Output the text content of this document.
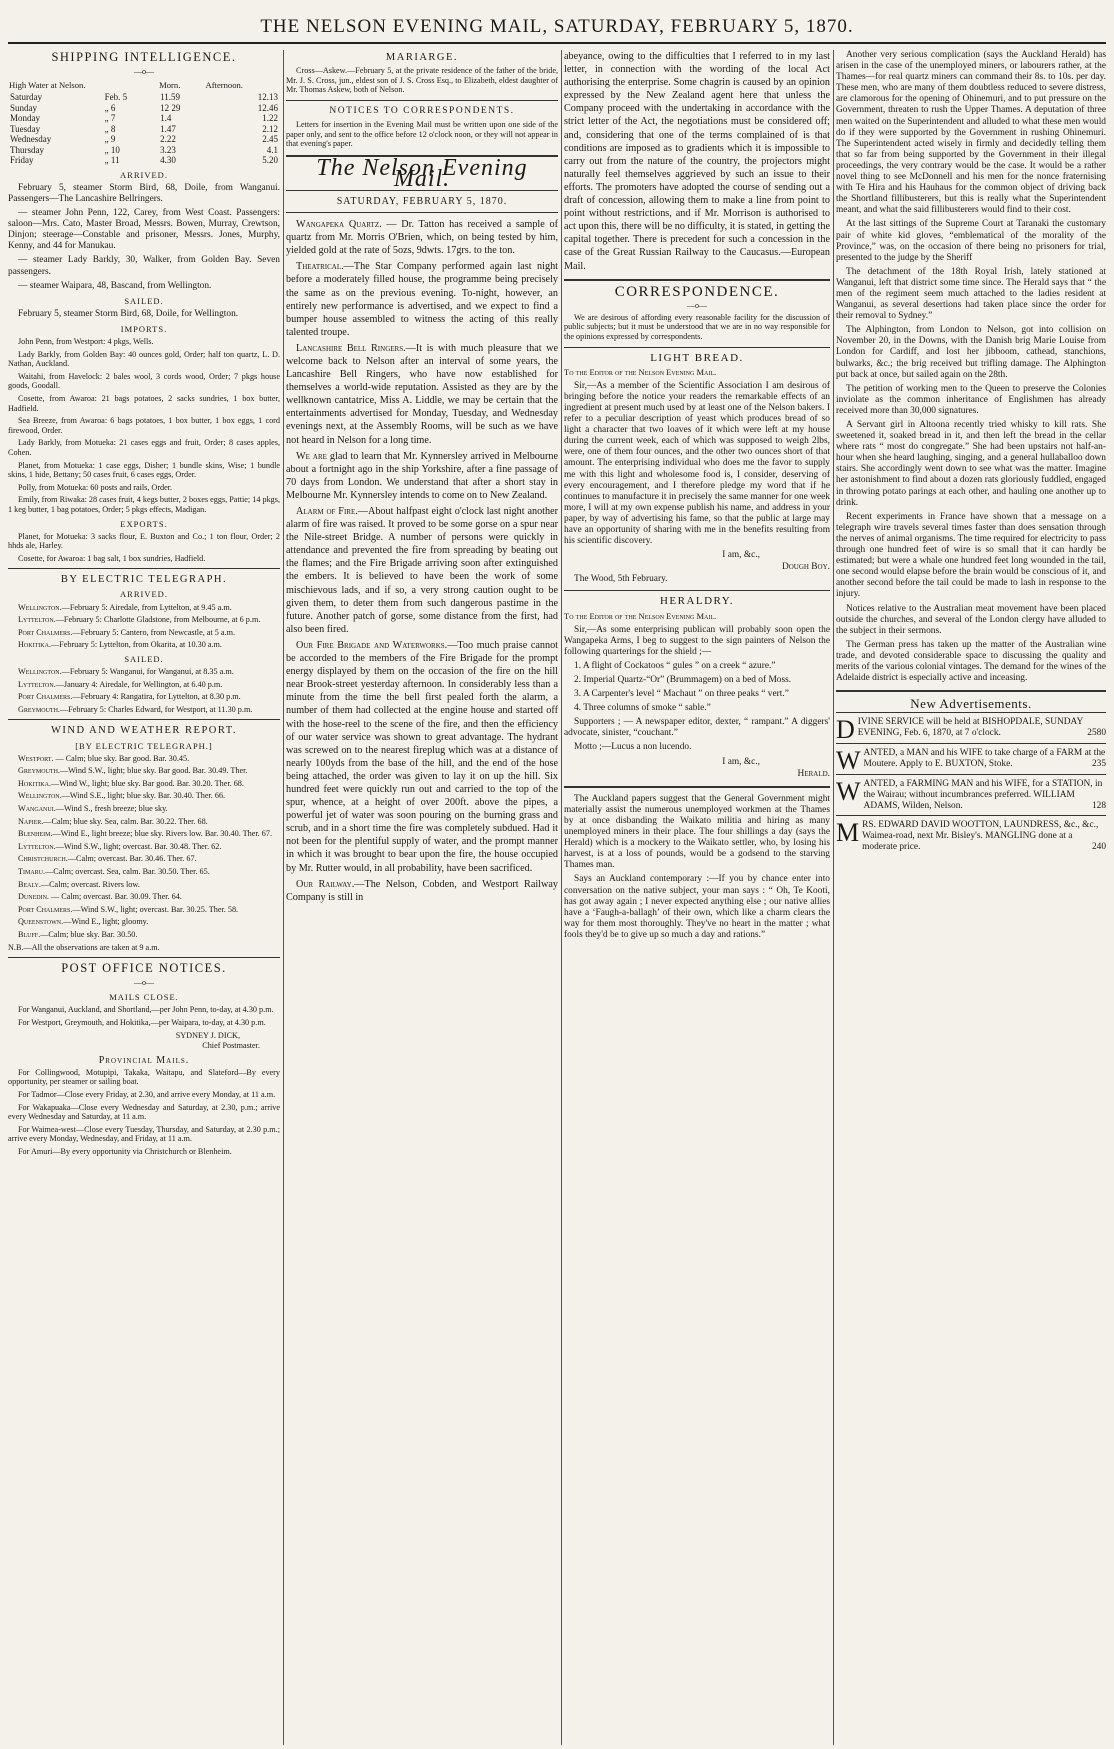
THE NELSON EVENING MAIL, SATURDAY, FEBRUARY 5, 1870.
SHIPPING INTELLIGENCE.
—o—
High Water at Nelson.		Morn.	Afternoon.
Saturday	Feb. 5	11.59	12.13
Sunday	„ 6	12 29	12.46
Monday	„ 7	1.4	1.22
Tuesday	„ 8	1.47	2.12
Wednesday	„ 9	2.22	2.45
Thursday	„ 10	3.23	4.1
Friday	„ 11	4.30	5.20
ARRIVED.

February 5, steamer Storm Bird, 68, Doile, from Wanganui. Passengers—The Lancashire Bellringers.

— steamer John Penn, 122, Carey, from West Coast. Passengers: saloon—Mrs. Cato, Master Broad, Messrs. Bowen, Murray, Crewtson, Dinjon; steerage—Constable and prisoner, Messrs. Jones, Murphy, Kenny, and 44 for Manukau.

— steamer Lady Barkly, 30, Walker, from Golden Bay. Seven passengers.

— steamer Waipara, 48, Bascand, from Wellington.

SAILED.

February 5, steamer Storm Bird, 68, Doile, for Wellington.

IMPORTS.

John Penn, from Westport: 4 pkgs, Wells.

Lady Barkly, from Golden Bay: 40 ounces gold, Order; half ton quartz, L. D. Nathan, Auckland.

Waitahi, from Havelock: 2 bales wool, 3 cords wood, Order; 7 pkgs house goods, Goodall.

Cosette, from Awaroa: 21 bags potatoes, 2 sacks sundries, 1 box butter, Hadfield.

Sea Breeze, from Awaroa: 6 bags potatoes, 1 box butter, 1 box eggs, 1 cord firewood, Order.

Lady Barkly, from Motueka: 21 cases eggs and fruit, Order; 8 cases apples, Cohen.

Planet, from Motueka: 1 case eggs, Disher; 1 bundle skins, Wise; 1 bundle skins, 1 hide, Bettany; 50 cases fruit, 6 cases eggs, Order.

Polly, from Motueka: 60 posts and rails, Order.

Emily, from Riwaka: 28 cases fruit, 4 kegs butter, 2 boxes eggs, Pattie; 14 pkgs, 1 keg butter, 1 bag potatoes, Order; 5 pkgs effects, Madigan.

EXPORTS.

Planet, for Motueka: 3 sacks flour, E. Buxton and Co.; 1 ton flour, Order; 2 hhds ale, Harley.

Cosette, for Awaroa: 1 bag salt, 1 box sundries, Hadfield.

BY ELECTRIC TELEGRAPH.
ARRIVED.

Wellington.—February 5: Airedale, from Lyttelton, at 9.45 a.m.

Lyttelton.—February 5: Charlotte Gladstone, from Melbourne, at 6 p.m.

Port Chalmers.—February 5: Cantero, from Newcastle, at 5 a.m.

Hokitika.—February 5: Lyttelton, from Okarita, at 10.30 a.m.

SAILED.

Wellington.—February 5: Wanganui, for Wanganui, at 8.35 a.m.

Lyttelton.—January 4: Airedale, for Wellington, at 6.40 p.m.

Port Chalmers.—February 4: Rangatira, for Lyttelton, at 8.30 p.m.

Greymouth.—February 5: Charles Edward, for Westport, at 11.30 p.m.

WIND AND WEATHER REPORT.
[BY ELECTRIC TELEGRAPH.]

Westport. — Calm; blue sky. Bar good. Bar. 30.45.

Greymouth.—Wind S.W., light; blue sky. Bar good. Bar. 30.49. Ther.

Hokitika.—Wind W., light; blue sky. Bar good. Bar. 30.20. Ther. 68.

Wellington.—Wind S.E., light; blue sky. Bar. 30.40. Ther. 66.

Wanganui.—Wind S., fresh breeze; blue sky.

Napier.—Calm; blue sky. Sea, calm. Bar. 30.22. Ther. 68.

Blenheim.—Wind E., light breeze; blue sky. Rivers low. Bar. 30.40. Ther. 67.

Lyttelton.—Wind S.W., light; overcast. Bar. 30.48. Ther. 62.

Christchurch.—Calm; overcast. Bar. 30.46. Ther. 67.

Timaru.—Calm; overcast. Sea, calm. Bar. 30.50. Ther. 65.

Bealy.—Calm; overcast. Rivers low.

Dunedin. — Calm; overcast. Bar. 30.09. Ther. 64.

Port Chalmers.—Wind S.W., light; overcast. Bar. 30.25. Ther. 58.

Queenstown.—Wind E., light; gloomy.

Bluff.—Calm; blue sky. Bar. 30.50.

N.B.—All the observations are taken at 9 a.m.

POST OFFICE NOTICES.
—o—
MAILS CLOSE.

For Wanganui, Auckland, and Shortland,—per John Penn, to-day, at 4.30 p.m.

For Westport, Greymouth, and Hokitika,—per Waipara, to-day, at 4.30 p.m.

SYDNEY J. DICK,
Chief Postmaster.
Provincial Mails.

For Collingwood, Motupipi, Takaka, Waitapu, and Slateford—By every opportunity, per steamer or sailing boat.

For Tadmor—Close every Friday, at 2.30, and arrive every Monday, at 11 a.m.

For Wakapuaka—Close every Wednesday and Saturday, at 2.30, p.m.; arrive every Wednesday and Saturday, at 11 a.m.

For Waimea-west—Close every Tuesday, Thursday, and Saturday, at 2.30 p.m.; arrive every Monday, Wednesday, and Friday, at 11 a.m.

For Amuri—By every opportunity via Christchurch or Blenheim.

MARIARGE.

Cross—Askew.—February 5, at the private residence of the father of the bride, Mr. J. S. Cross, jun., eldest son of J. S. Cross Esq., to Elizabeth, eldest daughter of Mr. Thomas Askew, both of Nelson.

NOTICES TO CORRESPONDENTS.

Letters for insertion in the Evening Mail must be written upon one side of the paper only, and sent to the office before 12 o'clock noon, or they will not appear in that evening's paper.

The Nelson Evening Mail.
SATURDAY, FEBRUARY 5, 1870.

Wangapeka Quartz. — Dr. Tatton has received a sample of quartz from Mr. Morris O'Brien, which, on being tested by him, yielded gold at the rate of 5ozs, 9dwts. 17grs. to the ton.

Theatrical.—The Star Company performed again last night before a moderately filled house, the programme being precisely the same as on the previous evening. To-night, however, an entirely new performance is advertised, and we expect to find a bumper house assembled to witness the acting of this really talented troupe.

Lancashire Bell Ringers.—It is with much pleasure that we welcome back to Nelson after an interval of some years, the Lancashire Bell Ringers, who have now established for themselves a world-wide reputation. Assisted as they are by the wellknown cantatrice, Miss A. Liddle, we may be certain that the entertainments advertised for Monday, Tuesday, and Wednesday evenings next, at the Assembly Rooms, will be such as we have not heard in Nelson for a long time.

We are glad to learn that Mr. Kynnersley arrived in Melbourne about a fortnight ago in the ship Yorkshire, after a fine passage of 70 days from London. We understand that after a short stay in Melbourne Mr. Kynnersley intends to come on to New Zealand.

Alarm of Fire.—About halfpast eight o'clock last night another alarm of fire was raised. It proved to be some gorse on a spur near the Nile-street Bridge. A number of persons were quickly in attendance and prevented the fire from spreading by beating out the flames; and the Fire Brigade arriving soon after extinguished the embers. It is believed to have been the work of some mischievous lads, and if so, a very strong caution ought to be given them, to deter them from such dangerous pastime in the future. Another patch of gorse, some distance from the first, had also been fired.

Our Fire Brigade and Waterworks.—Too much praise cannot be accorded to the members of the Fire Brigade for the prompt energy displayed by them on the occasion of the fire on the hill near Brook-street yesterday afternoon. In considerably less than a minute from the time the bell first pealed forth the alarm, a number of them had collected at the engine house and started off with the hose-reel to the scene of the fire, and then the efficiency of our water service was shown to great advantage. The hydrant was screwed on to the nearest fireplug which was at a distance of nearly 100yds from the base of the hill, and the end of the hose being attached, the order was given to lay it on up the hill. Six hundred feet were quickly run out and carried to the top of the spur, whence, at a height of over 200ft. above the pipes, a powerful jet of water was soon pouring on the burning grass and scrub, and in a short time the fire was completely subdued. Had it not been for the plentiful supply of water, and the prompt manner in which it was brought to bear upon the fire, the house occupied by Mr. Rutter would, in all probability, have been sacrificed.

Our Railway.—The Nelson, Cobden, and Westport Railway Company is still in

abeyance, owing to the difficulties that I referred to in my last letter, in connection with the wording of the local Act authorising the enterprise. Some chagrin is caused by an opinion expressed by the New Zealand agent here that unless the Company proceed with the undertaking in accordance with the strict letter of the Act, the negotiations must be considered off; and, considering that one of the terms complained of is that conditions are imposed as to gradients which it is impossible to carry out from the nature of the country, the projectors might naturally feel themselves aggrieved by such an issue to their efforts. The promoters have adopted the course of sending out a draft of concession, allowing them to make a line from point to point without restrictions, and if Mr. Morrison is authorised to act upon this, there will be no difficulty, it is stated, in getting the capital together. There is precedent for such a concession in the case of the Great Russian Railway to the Caucasus.—European Mail.

CORRESPONDENCE.
—o—

We are desirous of affording every reasonable facility for the discussion of public subjects; but it must be understood that we are in no way responsible for the opinions expressed by correspondents.

LIGHT BREAD.

To the Editor of the Nelson Evening Mail.

Sir,—As a member of the Scientific Association I am desirous of bringing before the notice your readers the remarkable effects of an ingredient at present much used by at least one of the Nelson bakers. I refer to a peculiar description of yeast which produces bread of so light a character that two loaves of it which were left at my house during the current week, each of which was supposed to weigh 2lbs, were, one of them four ounces, and the other two ounces short of that amount. The enterprising individual who does me the favor to supply me with this light and wholesome food is, I consider, deserving of every encouragement, and I therefore pledge my word that if he continues to manufacture it in precisely the same manner for one week more, I will at my own expense publish his name, and address in your paper, by way of advertising his fame, so that the public at large may have an opportunity of sharing with me in the benefits resulting from his scientific discovery.

I am, &c.,
Dough Boy.

The Wood, 5th February.

HERALDRY.

To the Editor of the Nelson Evening Mail.

Sir,—As some enterprising publican will probably soon open the Wangapeka Arms, I beg to suggest to the sign painters of Nelson the following quarterings for the shield ;—

1. A flight of Cockatoos “ gules ” on a creek “ azure.”

2. Imperial Quartz-“Or” (Brummagem) on a bed of Moss.

3. A Carpenter's level “ Machaut ” on three peaks “ vert.”

4. Three columns of smoke “ sable.”

Supporters ; — A newspaper editor, dexter, “ rampant.” A diggers' advocate, sinister, “couchant.”

Motto ;—Lucus a non lucendo.

I am, &c.,
Herald.

The Auckland papers suggest that the General Government might materially assist the numerous unemployed workmen at the Thames by at once disbanding the Waikato militia and hiring as many unemployed miners in their place. The four shillings a day (says the Herald) which is a mockery to the Waikato settler, who, by losing his harvest, is at a loss of pounds, would be a godsend to the starving Thames man.

Says an Auckland contemporary :—If you by chance enter into conversation on the native subject, your man says : “ Oh, Te Kooti, has got away again ; I never expected anything else ; our native allies have a ‘Faugh-a-ballagh’ of their own, which like a charm clears the way for them most thoroughly. They've no heart in the matter ; what fools they'd be to give up so much a day and rations.”

Another very serious complication (says the Auckland Herald) has arisen in the case of the unemployed miners, or labourers rather, at the Thames—for real quartz miners can command their 8s. to 10s. per day. These men, who are many of them doubtless reduced to severe distress, are clamorous for the opening of Ohinemuri, and to put pressure on the Government, threaten to rush the Upper Thames. A deputation of three men waited on the Superintendent and alluded to what these men would do if they were supported by the Government in rushing Ohinemuri. The Superintendent acted wisely in firmly and decidedly telling them that so far from being supported by the Government in their illegal proceedings, the very contrary would be the case. It would be a rather novel thing to see McDonnell and his men for the nonce fraternising with Te Hira and his Hauhaus for the common object of driving back the Shortland fillibusterers, but this is really what the Superintendent meant, and what the said fillibusterers would find to their cost.

At the last sittings of the Supreme Court at Taranaki the customary pair of white kid gloves, “emblematical of the morality of the Province,” was, on the occasion of there being no prisoners for trial, presented to the judge by the Sheriff

The detachment of the 18th Royal Irish, lately stationed at Wanganui, left that district some time since. The Herald says that “ the men of the regiment seem much attached to the ladies resident at Wanganui, as several desertions had taken place since the order for their removal to Sydney.”

The Alphington, from London to Nelson, got into collision on November 20, in the Downs, with the Danish brig Marie Louise from London for Cardiff, and lost her jibboom, cathead, stanchions, bulwarks, &c.; the brig received but trifling damage. The Alphington put back at once, but sailed again on the 28th.

The petition of working men to the Queen to preserve the Colonies inviolate as the common inheritance of Englishmen has already received more than 30,000 signatures.

A Servant girl in Altoona recently tried whisky to kill rats. She sweetened it, soaked bread in it, and then left the bread in the cellar where rats “ most do congregate.” She had been upstairs not half-an-hour when she heard laughing, singing, and a general hullaballoo down stairs. She accordingly went down to see what was the matter. Imagine her astonishment to find about a dozen rats gloriously fuddled, engaged in throwing potato parings at each other, and hauling one another up to drink.

Recent experiments in France have shown that a message on a telegraph wire travels several times faster than does sensation through the nerves of animal organisms. The time required for electricity to pass through one hundred feet of wire is so small that it can hardly be estimated; but were a whale one hundred feet long wounded in the tail, one second would elapse before the brain would be conscious of it, and another second before the tail could be made to lash in response to the injury.

Notices relative to the Australian meat movement have been placed outside the churches, and several of the London clergy have alluded to the subject in their sermons.

The German press has taken up the matter of the Australian wine trade, and devoted considerable space to discussing the quality and merits of the various colonial vintages. The demand for the wines of the Adelaide district is especially active and inceasing.

New Advertisements.
DIVINE SERVICE will be held at BISHOPDALE, SUNDAY EVENING, Feb. 6, 1870, at 7 o'clock.	2580
WANTED, a MAN and his WIFE to take charge of a FARM at the Moutere. Apply to E. BUXTON, Stoke.	235
WANTED, a FARMING MAN and his WIFE, for a STATION, in the Wairau; without incumbrances preferred. WILLIAM ADAMS, Wilden, Nelson.	128
MRS. EDWARD DAVID WOOTTON, LAUNDRESS, &c., &c., Waimea-road, next Mr. Bisley's. MANGLING done at a moderate price.	240
